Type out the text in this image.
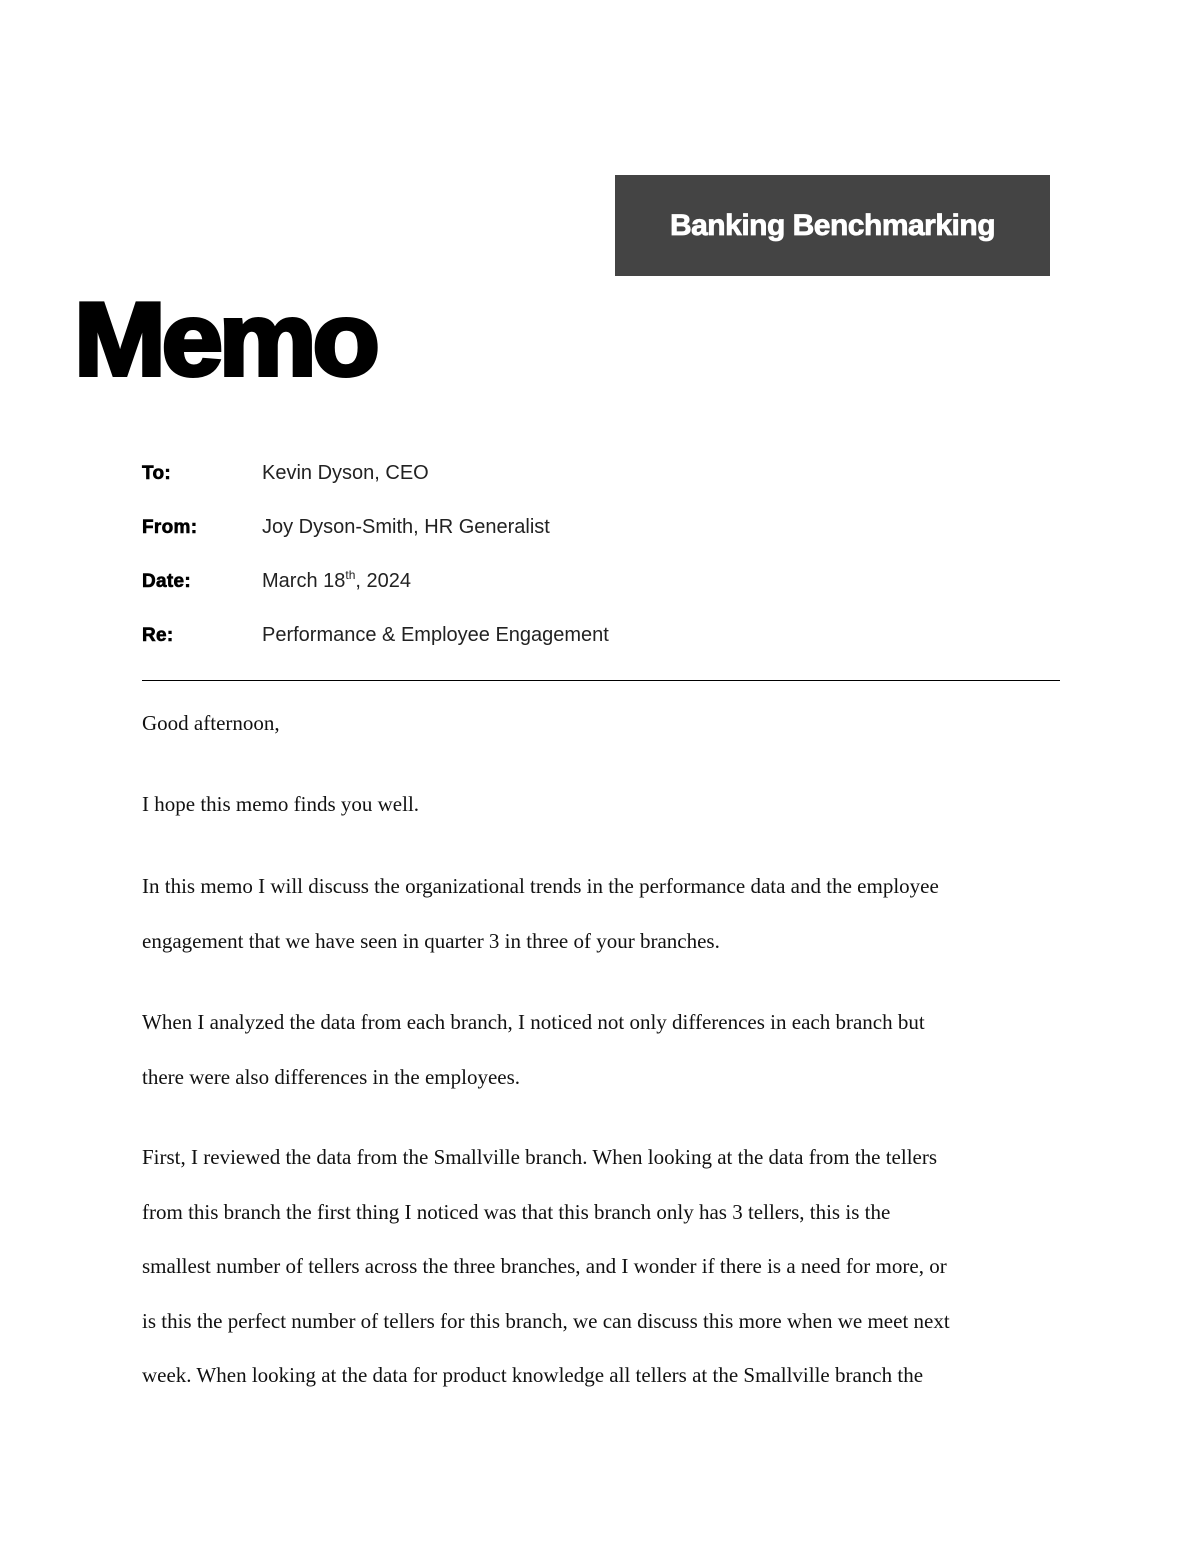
Banking Benchmarking
Memo
To:	Kevin Dyson, CEO
From:	Joy Dyson-Smith, HR Generalist
Date:	March 18th, 2024
Re:	Performance & Employee Engagement

Good afternoon,

I hope this memo finds you well.

In this memo I will discuss the organizational trends in the performance data and the employee
engagement that we have seen in quarter 3 in three of your branches.
When I analyzed the data from each branch, I noticed not only differences in each branch but
there were also differences in the employees.
First, I reviewed the data from the Smallville branch. When looking at the data from the tellers
from this branch the first thing I noticed was that this branch only has 3 tellers, this is the
smallest number of tellers across the three branches, and I wonder if there is a need for more, or
is this the perfect number of tellers for this branch, we can discuss this more when we meet next
week. When looking at the data for product knowledge all tellers at the Smallville branch the
